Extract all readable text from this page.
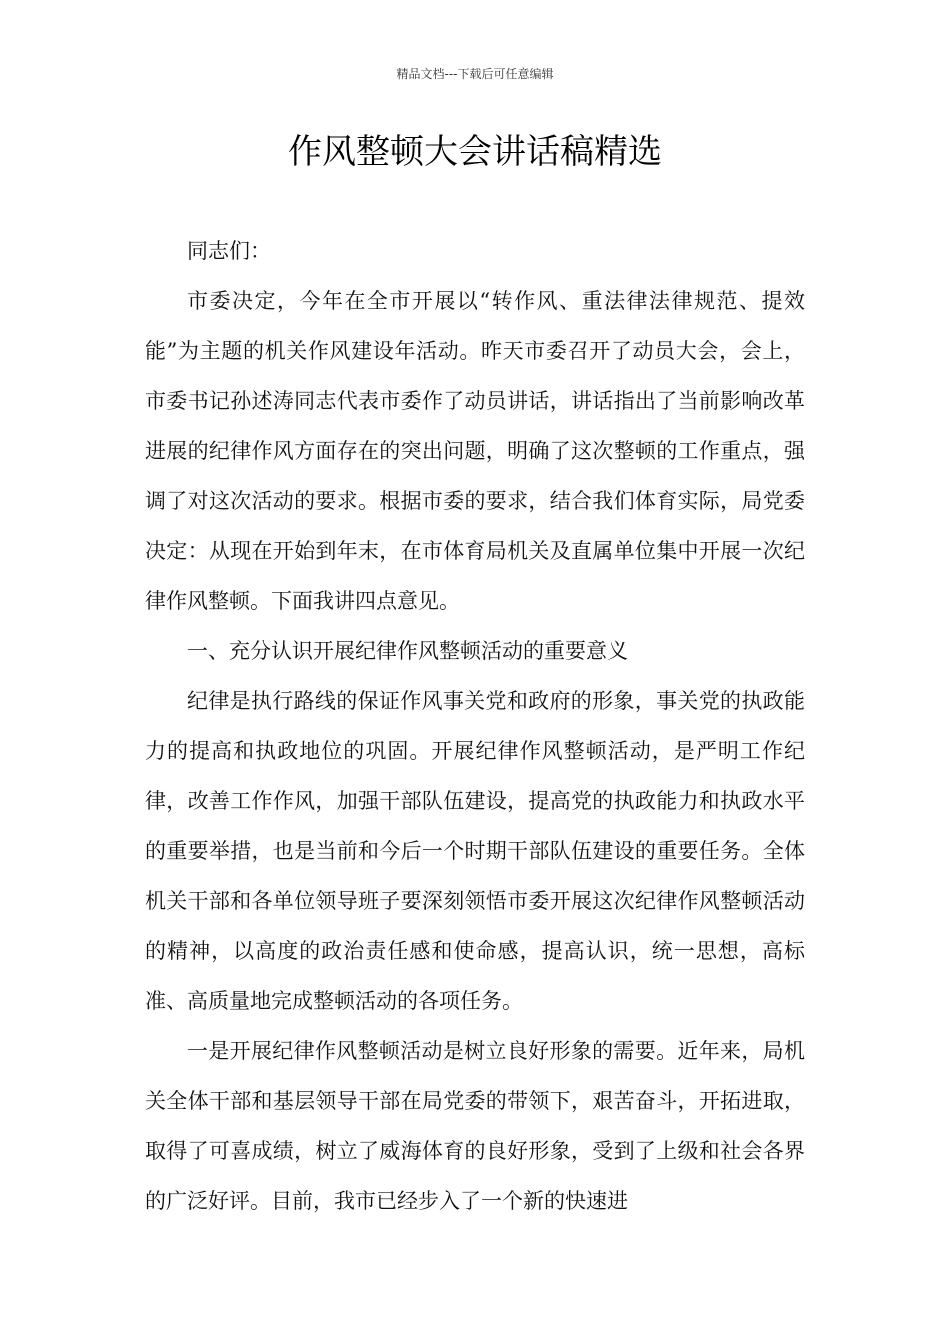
精品文档---下载后可任意编辑
作风整顿大会讲话稿精选

同志们：

市委决定，今年在全市开展以“转作风、重法律法律规范、提效能”为主题的机关作风建设年活动。昨天市委召开了动员大会，会上，市委书记孙述涛同志代表市委作了动员讲话，讲话指出了当前影响改革进展的纪律作风方面存在的突出问题，明确了这次整顿的工作重点，强调了对这次活动的要求。根据市委的要求，结合我们体育实际，局党委决定：从现在开始到年末，在市体育局机关及直属单位集中开展一次纪律作风整顿。下面我讲四点意见。

一、充分认识开展纪律作风整顿活动的重要意义

纪律是执行路线的保证作风事关党和政府的形象，事关党的执政能力的提高和执政地位的巩固。开展纪律作风整顿活动，是严明工作纪律，改善工作作风，加强干部队伍建设，提高党的执政能力和执政水平的重要举措，也是当前和今后一个时期干部队伍建设的重要任务。全体机关干部和各单位领导班子要深刻领悟市委开展这次纪律作风整顿活动的精神，以高度的政治责任感和使命感，提高认识，统一思想，高标准、高质量地完成整顿活动的各项任务。

一是开展纪律作风整顿活动是树立良好形象的需要。近年来，局机关全体干部和基层领导干部在局党委的带领下，艰苦奋斗，开拓进取，取得了可喜成绩，树立了威海体育的良好形象，受到了上级和社会各界的广泛好评。目前，我市已经步入了一个新的快速进
